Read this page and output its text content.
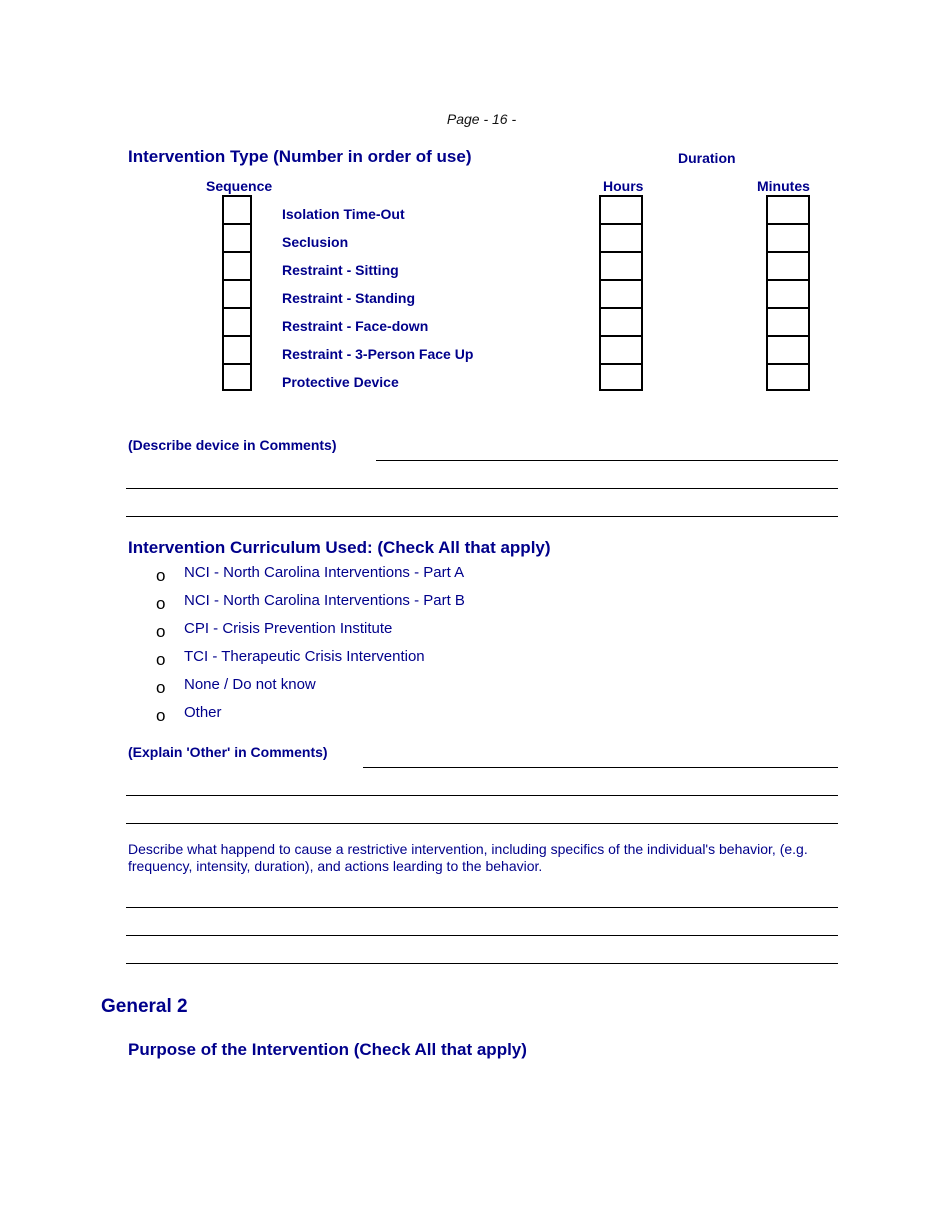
Page - 16 -
Intervention Type (Number in order of use)	Duration
Sequence	Hours	Minutes
Isolation Time-Out
Seclusion
Restraint - Sitting
Restraint - Standing
Restraint - Face-down
Restraint - 3-Person Face Up
Protective Device
(Describe device in Comments)
Intervention Curriculum Used: (Check All that apply)
o NCI - North Carolina Interventions - Part A
o NCI - North Carolina Interventions - Part B
o CPI - Crisis Prevention Institute
o TCI - Therapeutic Crisis Intervention
o None / Do not know
o Other
(Explain 'Other' in Comments)
Describe what happend to cause a restrictive intervention, including specifics of the individual's behavior, (e.g. frequency, intensity, duration), and actions learding to the behavior.
General 2
Purpose of the Intervention (Check All that apply)
